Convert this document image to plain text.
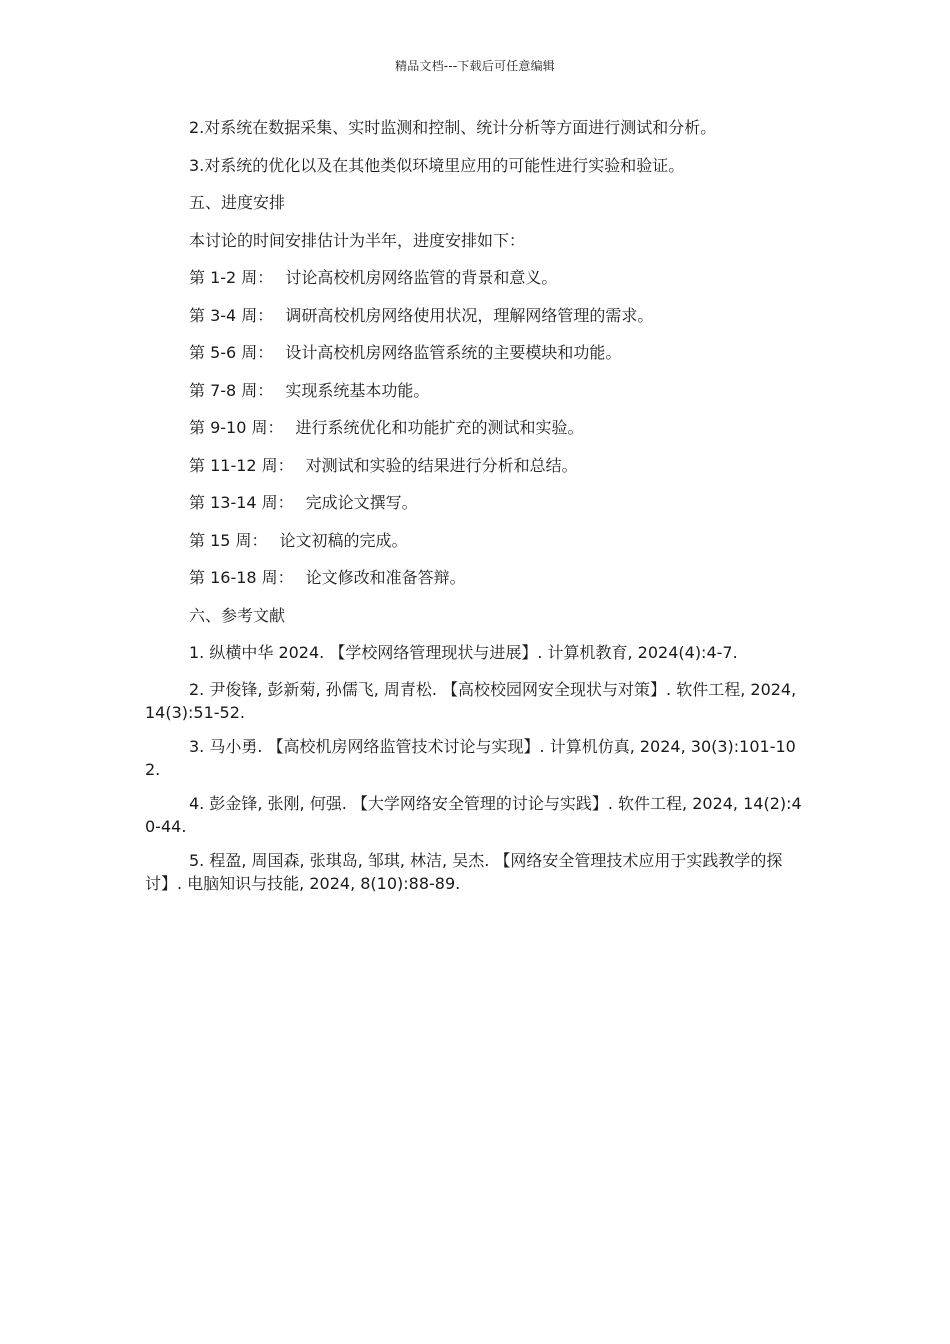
精品文档---下载后可任意编辑

2.对系统在数据采集、实时监测和控制、统计分析等方面进行测试和分析。

3.对系统的优化以及在其他类似环境里应用的可能性进行实验和验证。

五、进度安排

本讨论的时间安排估计为半年，进度安排如下：

第 1-2 周： 讨论高校机房网络监管的背景和意义。

第 3-4 周： 调研高校机房网络使用状况，理解网络管理的需求。

第 5-6 周： 设计高校机房网络监管系统的主要模块和功能。

第 7-8 周： 实现系统基本功能。

第 9-10 周： 进行系统优化和功能扩充的测试和实验。

第 11-12 周： 对测试和实验的结果进行分析和总结。

第 13-14 周： 完成论文撰写。

第 15 周： 论文初稿的完成。

第 16-18 周： 论文修改和准备答辩。

六、参考文献

1. 纵横中华 2024. 【学校网络管理现状与进展】. 计算机教育, 2024(4):4-7.

2. 尹俊锋, 彭新菊, 孙儒飞, 周青松. 【高校校园网安全现状与对策】. 软件工程, 2024, 14(3):51-52.

3. 马小勇. 【高校机房网络监管技术讨论与实现】. 计算机仿真, 2024, 30(3):101-102.

4. 彭金锋, 张刚, 何强. 【大学网络安全管理的讨论与实践】. 软件工程, 2024, 14(2):40-44.

5. 程盈, 周国森, 张琪岛, 邹琪, 林洁, 吴杰. 【网络安全管理技术应用于实践教学的探讨】. 电脑知识与技能, 2024, 8(10):88-89.
